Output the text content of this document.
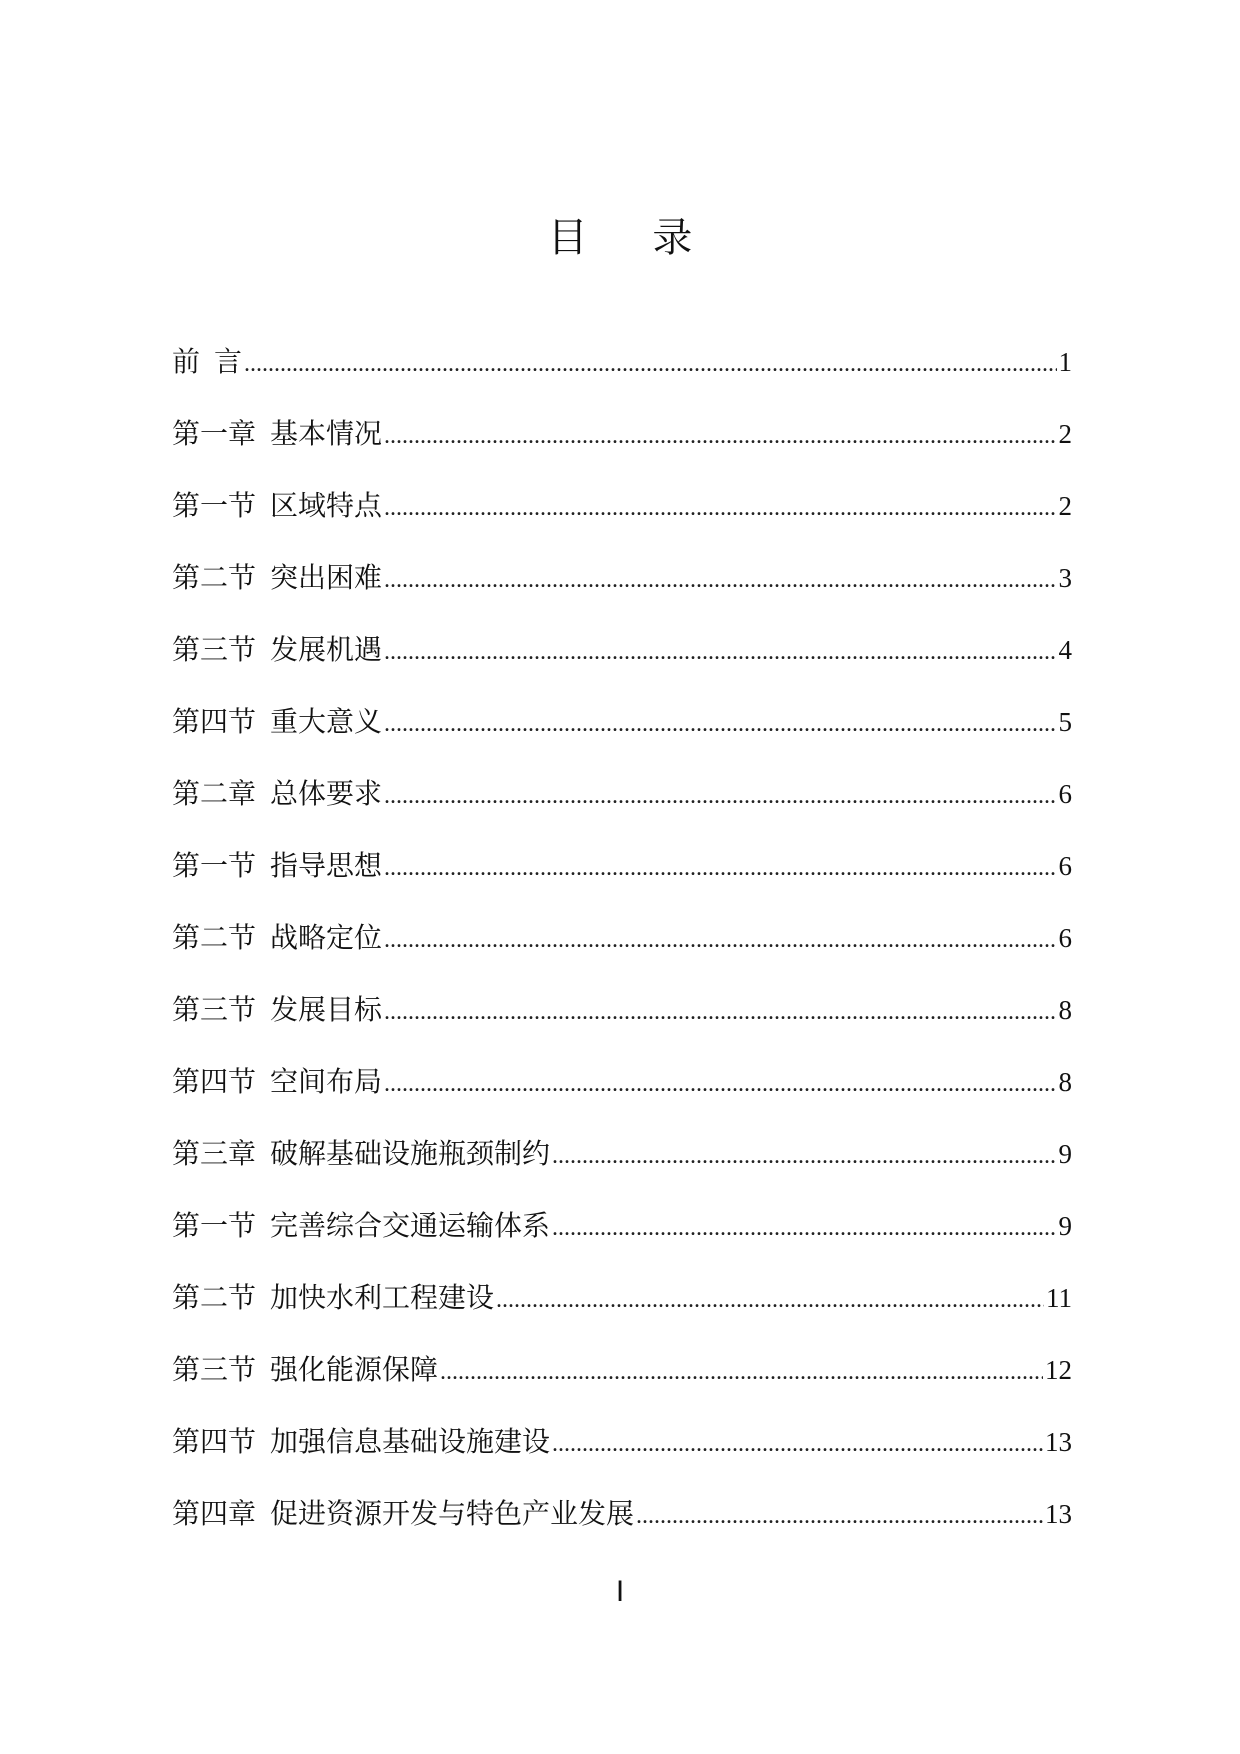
目 录
前 言 .....	1
第一章 基本情况 .....	2
第一节 区域特点 .....	2
第二节 突出困难 .....	3
第三节 发展机遇 .....	4
第四节 重大意义 .....	5
第二章 总体要求 .....	6
第一节 指导思想 .....	6
第二节 战略定位 .....	6
第三节 发展目标 .....	8
第四节 空间布局 .....	8
第三章 破解基础设施瓶颈制约 .....	9
第一节 完善综合交通运输体系 .....	9
第二节 加快水利工程建设 .....	11
第三节 强化能源保障 .....	12
第四节 加强信息基础设施建设 .....	13
第四章 促进资源开发与特色产业发展 .....	13
I
